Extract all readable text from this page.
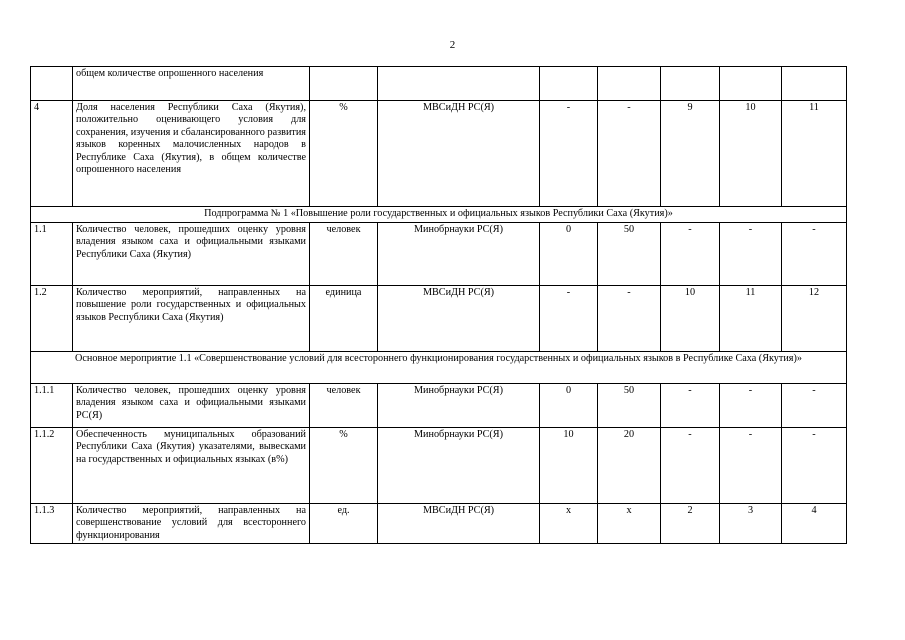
2
	общем количестве опрошенного населения							
4	Доля населения Республики Саха (Якутия), положительно оценивающего условия для сохранения, изучения и сбалансированного развития языков коренных малочисленных народов в Республике Саха (Якутия), в общем количестве опрошенного населения	%	МВСиДН РС(Я)	-	-	9	10	11
Подпрограмма № 1 «Повышение роли государственных и официальных языков Республики Саха (Якутия)»								
1.1	Количество человек, прошедших оценку уровня владения языком саха и официальными языками Республики Саха (Якутия)	человек	Минобрнауки РС(Я)	0	50	-	-	-
1.2	Количество мероприятий, направленных на повышение роли государственных и официальных языков Республики Саха (Якутия)	единица	МВСиДН РС(Я)	-	-	10	11	12
Основное мероприятие 1.1 «Совершенствование условий для всестороннего функционирования государственных и официальных языков в Республике Саха (Якутия)»								
1.1.1	Количество человек, прошедших оценку уровня владения языком саха и официальными языками РС(Я)	человек	Минобрнауки РС(Я)	0	50	-	-	-
1.1.2	Обеспеченность муниципальных образований Республики Саха (Якутия) указателями, вывесками на государственных и официальных языках (в%)	%	Минобрнауки РС(Я)	10	20	-	-	-
1.1.3	Количество мероприятий, направленных на совершенствование условий для всестороннего функционирования	ед.	МВСиДН РС(Я)	х	х	2	3	4
